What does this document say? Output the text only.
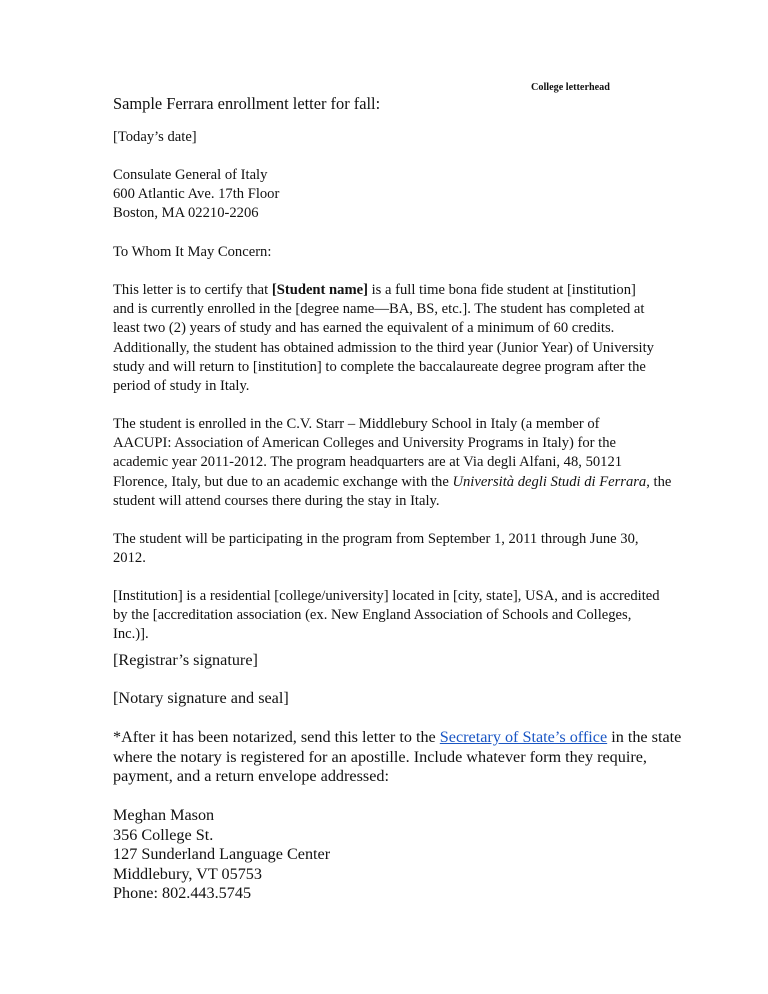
College letterhead
Sample Ferrara enrollment letter for fall:
[Today’s date]
Consulate General of Italy
600 Atlantic Ave. 17th Floor
Boston, MA 02210-2206
To Whom It May Concern:
This letter is to certify that [Student name] is a full time bona fide student at [institution]
and is currently enrolled in the [degree name—BA, BS, etc.]. The student has completed at
least two (2) years of study and has earned the equivalent of a minimum of 60 credits.
Additionally, the student has obtained admission to the third year (Junior Year) of University
study and will return to [institution] to complete the baccalaureate degree program after the
period of study in Italy.
The student is enrolled in the C.V. Starr – Middlebury School in Italy (a member of
AACUPI: Association of American Colleges and University Programs in Italy) for the
academic year 2011-2012. The program headquarters are at Via degli Alfani, 48, 50121
Florence, Italy, but due to an academic exchange with the Università degli Studi di Ferrara, the
student will attend courses there during the stay in Italy.
The student will be participating in the program from September 1, 2011 through June 30,
2012.
[Institution] is a residential [college/university] located in [city, state], USA, and is accredited
by the [accreditation association (ex. New England Association of Schools and Colleges,
Inc.)].
[Registrar’s signature]
[Notary signature and seal]
*After it has been notarized, send this letter to the Secretary of State’s office in the state
where the notary is registered for an apostille. Include whatever form they require,
payment, and a return envelope addressed:
Meghan Mason
356 College St.
127 Sunderland Language Center
Middlebury, VT 05753
Phone: 802.443.5745
